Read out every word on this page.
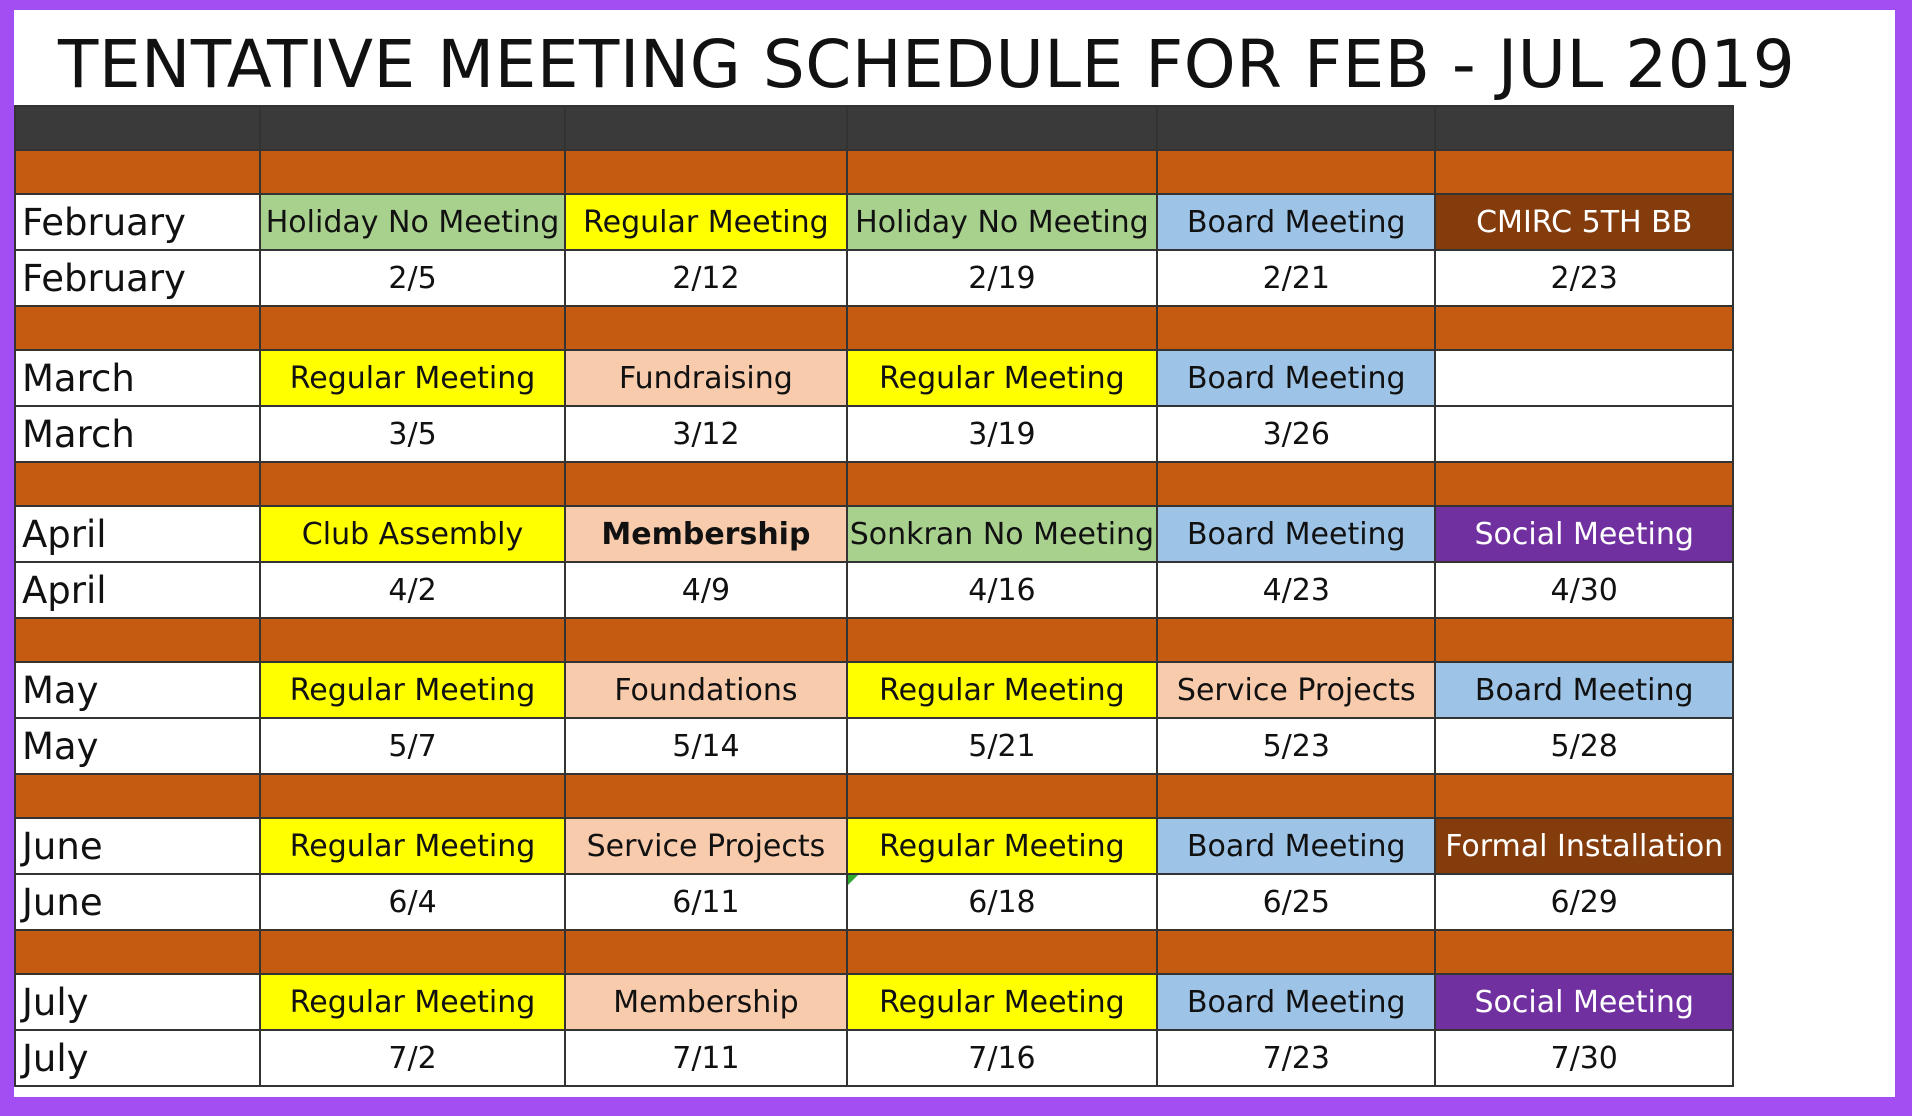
TENTATIVE MEETING SCHEDULE FOR FEB - JUL 2019

February	Holiday No Meeting	Regular Meeting	Holiday No Meeting	Board Meeting	CMIRC 5TH BB
February	2/5	2/12	2/19	2/21	2/23

March	Regular Meeting	Fundraising	Regular Meeting	Board Meeting	
March	3/5	3/12	3/19	3/26	

April	Club Assembly	Membership	Sonkran No Meeting	Board Meeting	Social Meeting
April	4/2	4/9	4/16	4/23	4/30

May	Regular Meeting	Foundations	Regular Meeting	Service Projects	Board Meeting
May	5/7	5/14	5/21	5/23	5/28

June	Regular Meeting	Service Projects	Regular Meeting	Board Meeting	Formal Installation
June	6/4	6/11	6/18	6/25	6/29

July	Regular Meeting	Membership	Regular Meeting	Board Meeting	Social Meeting
July	7/2	7/11	7/16	7/23	7/30
